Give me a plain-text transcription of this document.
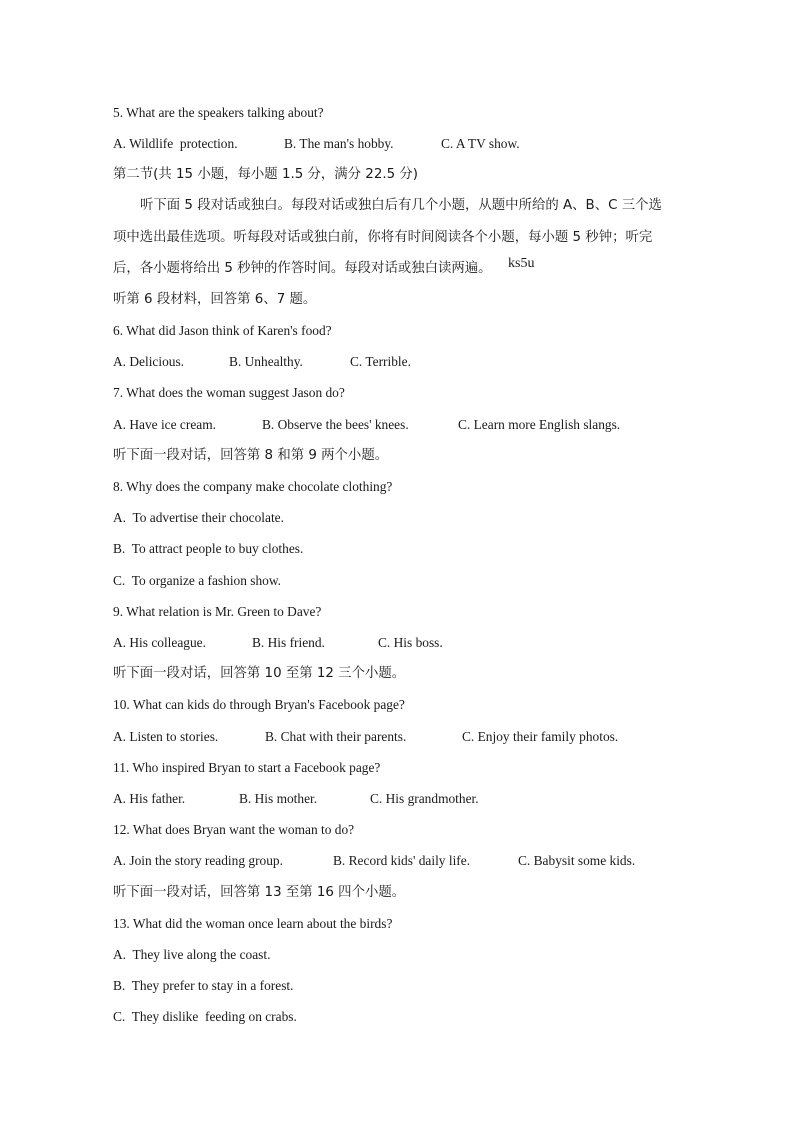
5. What are the speakers talking about?
A. Wildlife  protection.	B. The man's hobby.	C. A TV show.
第二节(共 15 小题，每小题 1.5 分，满分 22.5 分)
听下面 5 段对话或独白。每段对话或独白后有几个小题，从题中所给的 A、B、C 三个选
项中选出最佳选项。听每段对话或独白前，你将有时间阅读各个小题，每小题 5 秒钟；听完
后，各小题将给出 5 秒钟的作答时间。每段对话或独白读两遍。 ks5u
听第 6 段材料，回答第 6、7 题。
6. What did Jason think of Karen's food?
A. Delicious.	B. Unhealthy.	C. Terrible.
7. What does the woman suggest Jason do?
A. Have ice cream.	B. Observe the bees' knees.	C. Learn more English slangs.
听下面一段对话，回答第 8 和第 9 两个小题。
8. Why does the company make chocolate clothing?
A.  To advertise their chocolate.
B.  To attract people to buy clothes.
C.  To organize a fashion show.
9. What relation is Mr. Green to Dave?
A. His colleague.	B. His friend.	C. His boss.
听下面一段对话，回答第 10 至第 12 三个小题。
10. What can kids do through Bryan's Facebook page?
A. Listen to stories.	B. Chat with their parents.	C. Enjoy their family photos.
11. Who inspired Bryan to start a Facebook page?
A. His father.	B. His mother.	C. His grandmother.
12. What does Bryan want the woman to do?
A. Join the story reading group.	B. Record kids' daily life.	C. Babysit some kids.
听下面一段对话，回答第 13 至第 16 四个小题。
13. What did the woman once learn about the birds?
A.  They live along the coast.
B.  They prefer to stay in a forest.
C.  They dislike  feeding on crabs.
